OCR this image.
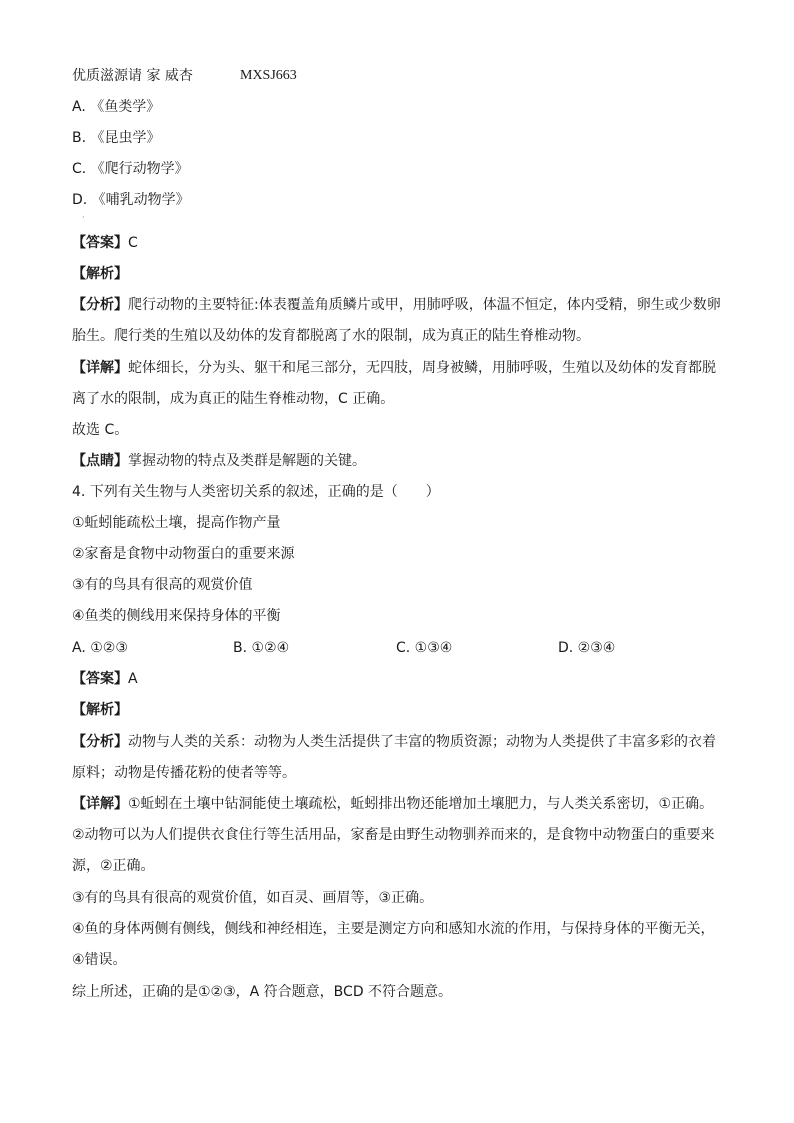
优质滋源请 家 威杏	MXSJ663
A. 《鱼类学》
B. 《昆虫学》
C. 《爬行动物学》
D. 《哺乳动物学》
·
【答案】C
【解析】
【分析】爬行动物的主要特征:体表覆盖角质鳞片或甲，用肺呼吸，体温不恒定，体内受精，卵生或少数卵
胎生。爬行类的生殖以及幼体的发育都脱离了水的限制，成为真正的陆生脊椎动物。
【详解】蛇体细长，分为头、躯干和尾三部分，无四肢，周身被鳞，用肺呼吸，生殖以及幼体的发育都脱
离了水的限制，成为真正的陆生脊椎动物，C 正确。
故选 C。
【点睛】掌握动物的特点及类群是解题的关键。
4. 下列有关生物与人类密切关系的叙述，正确的是（　　）
①蚯蚓能疏松土壤，提高作物产量
②家畜是食物中动物蛋白的重要来源
③有的鸟具有很高的观赏价值
④鱼类的侧线用来保持身体的平衡
A. ①②③	B. ①②④	C. ①③④	D. ②③④
【答案】A
【解析】
【分析】动物与人类的关系：动物为人类生活提供了丰富的物质资源；动物为人类提供了丰富多彩的衣着
原料；动物是传播花粉的使者等等。
【详解】①蚯蚓在土壤中钻洞能使土壤疏松，蚯蚓排出物还能增加土壤肥力，与人类关系密切，①正确。
②动物可以为人们提供衣食住行等生活用品，家畜是由野生动物驯养而来的，是食物中动物蛋白的重要来
源，②正确。
③有的鸟具有很高的观赏价值，如百灵、画眉等，③正确。
④鱼的身体两侧有侧线，侧线和神经相连，主要是测定方向和感知水流的作用，与保持身体的平衡无关，
④错误。
综上所述，正确的是①②③，A 符合题意，BCD 不符合题意。
